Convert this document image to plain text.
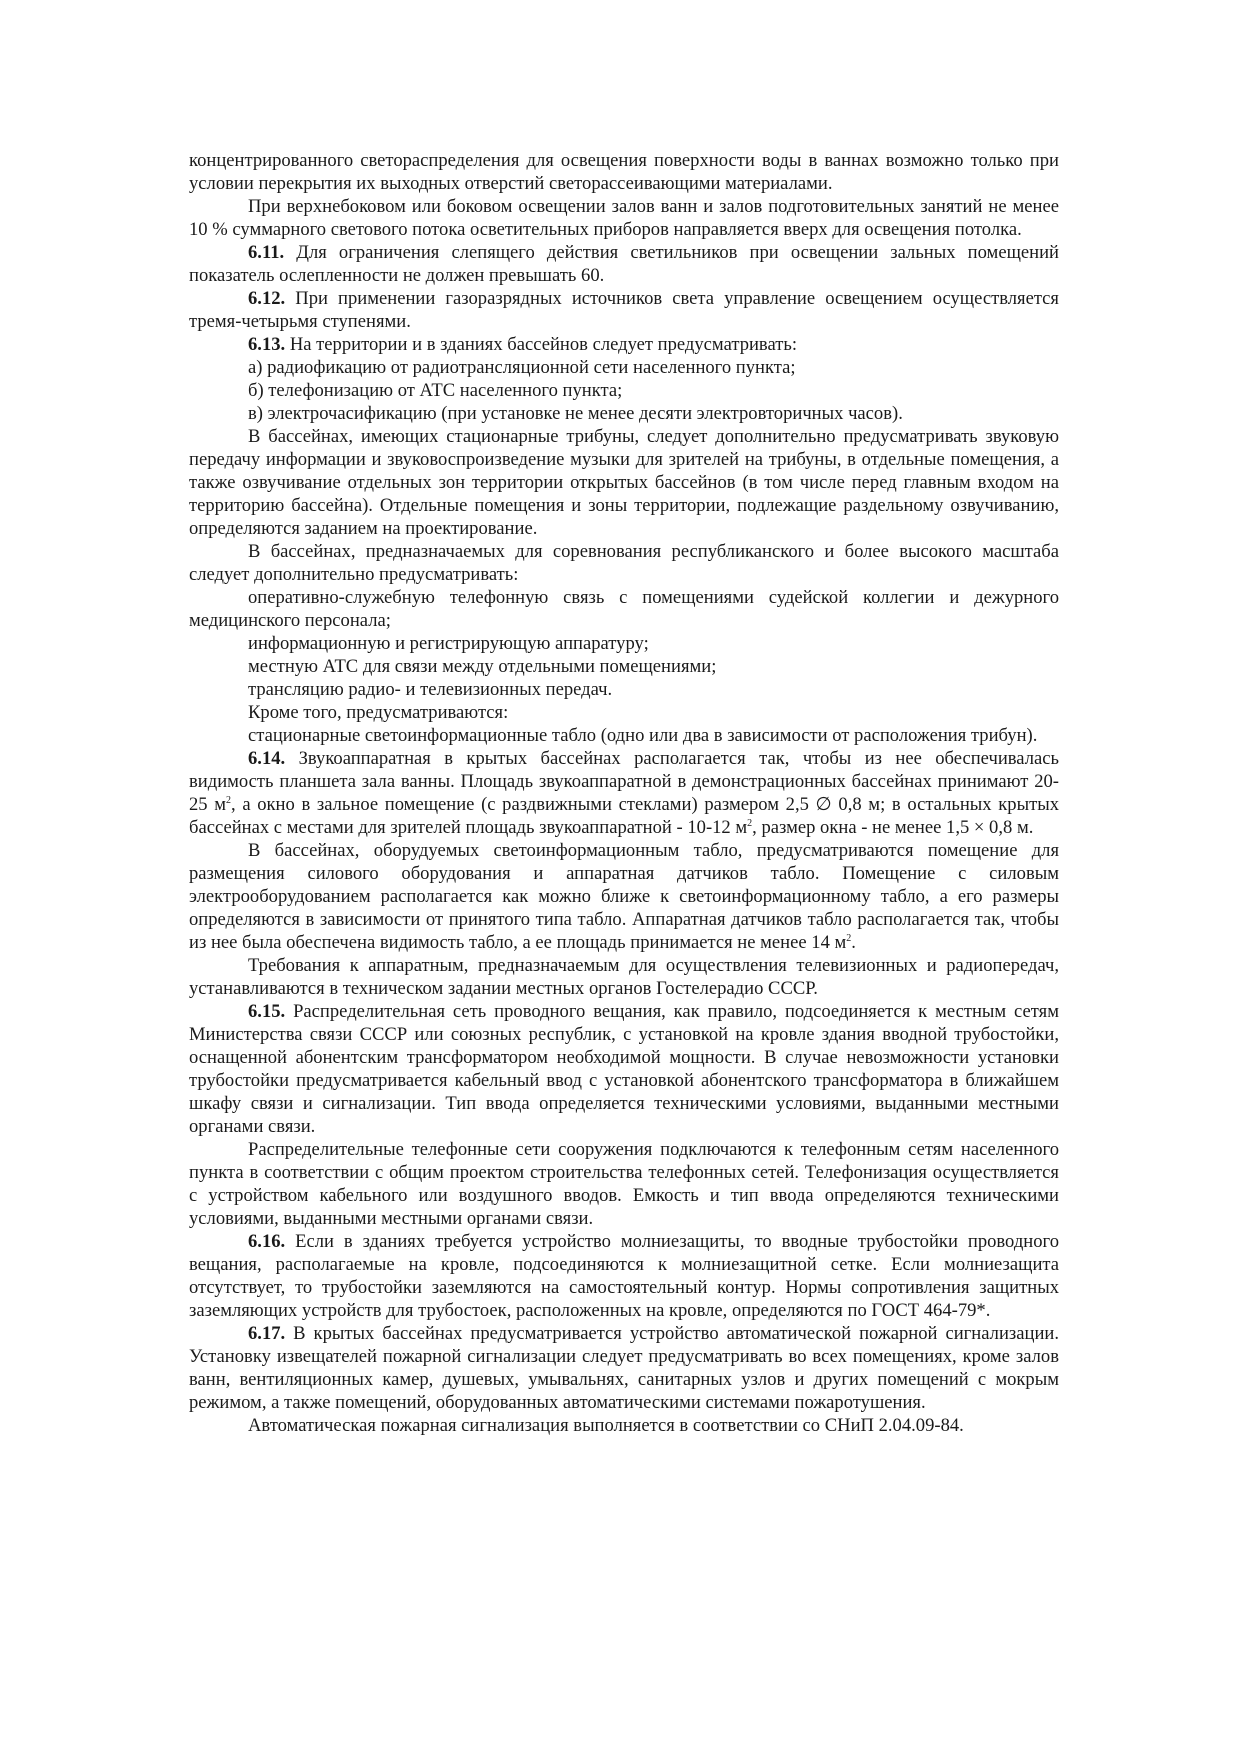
концентрированного светораспределения для освещения поверхности воды в ваннах возможно только при условии перекрытия их выходных отверстий светорассеивающими материалами.

При верхнебоковом или боковом освещении залов ванн и залов подготовительных занятий не менее 10 % суммарного светового потока осветительных приборов направляется вверх для освещения потолка.

6.11. Для ограничения слепящего действия светильников при освещении зальных помещений показатель ослепленности не должен превышать 60.

6.12. При применении газоразрядных источников света управление освещением осуществляется тремя-четырьмя ступенями.

6.13. На территории и в зданиях бассейнов следует предусматривать:

а) радиофикацию от радиотрансляционной сети населенного пункта;

б) телефонизацию от АТС населенного пункта;

в) электрочасификацию (при установке не менее десяти электровторичных часов).

В бассейнах, имеющих стационарные трибуны, следует дополнительно предусматривать звуковую передачу информации и звуковоспроизведение музыки для зрителей на трибуны, в отдельные помещения, а также озвучивание отдельных зон территории открытых бассейнов (в том числе перед главным входом на территорию бассейна). Отдельные помещения и зоны территории, подлежащие раздельному озвучиванию, определяются заданием на проектирование.

В бассейнах, предназначаемых для соревнования республиканского и более высокого масштаба следует дополнительно предусматривать:

оперативно-служебную телефонную связь с помещениями судейской коллегии и дежурного медицинского персонала;

информационную и регистрирующую аппаратуру;

местную АТС для связи между отдельными помещениями;

трансляцию радио- и телевизионных передач.

Кроме того, предусматриваются:

стационарные светоинформационные табло (одно или два в зависимости от расположения трибун).

6.14. Звукоаппаратная в крытых бассейнах располагается так, чтобы из нее обеспечивалась видимость планшета зала ванны. Площадь звукоаппаратной в демонстрационных бассейнах принимают 20-25 $м^2$, а окно в зальное помещение (с раздвижными стеклами) размером 2,5 ∅ 0,8 м; в остальных крытых бассейнах с местами для зрителей площадь звукоаппаратной - 10-12 $м^2$, размер окна - не менее 1,5 × 0,8 м.

В бассейнах, оборудуемых светоинформационным табло, предусматриваются помещение для размещения силового оборудования и аппаратная датчиков табло. Помещение с силовым электрооборудованием располагается как можно ближе к светоинформационному табло, а его размеры определяются в зависимости от принятого типа табло. Аппаратная датчиков табло располагается так, чтобы из нее была обеспечена видимость табло, а ее площадь принимается не менее 14 $м^2$.

Требования к аппаратным, предназначаемым для осуществления телевизионных и радиопередач, устанавливаются в техническом задании местных органов Гостелерадио СССР.

6.15. Распределительная сеть проводного вещания, как правило, подсоединяется к местным сетям Министерства связи СССР или союзных республик, с установкой на кровле здания вводной трубостойки, оснащенной абонентским трансформатором необходимой мощности. В случае невозможности установки трубостойки предусматривается кабельный ввод с установкой абонентского трансформатора в ближайшем шкафу связи и сигнализации. Тип ввода определяется техническими условиями, выданными местными органами связи.

Распределительные телефонные сети сооружения подключаются к телефонным сетям населенного пункта в соответствии с общим проектом строительства телефонных сетей. Телефонизация осуществляется с устройством кабельного или воздушного вводов. Емкость и тип ввода определяются техническими условиями, выданными местными органами связи.

6.16. Если в зданиях требуется устройство молниезащиты, то вводные трубостойки проводного вещания, располагаемые на кровле, подсоединяются к молниезащитной сетке. Если молниезащита отсутствует, то трубостойки заземляются на самостоятельный контур. Нормы сопротивления защитных заземляющих устройств для трубостоек, расположенных на кровле, определяются по ГОСТ 464-79*.

6.17. В крытых бассейнах предусматривается устройство автоматической пожарной сигнализации. Установку извещателей пожарной сигнализации следует предусматривать во всех помещениях, кроме залов ванн, вентиляционных камер, душевых, умывальнях, санитарных узлов и других помещений с мокрым режимом, а также помещений, оборудованных автоматическими системами пожаротушения.

Автоматическая пожарная сигнализация выполняется в соответствии со СНиП 2.04.09-84.
